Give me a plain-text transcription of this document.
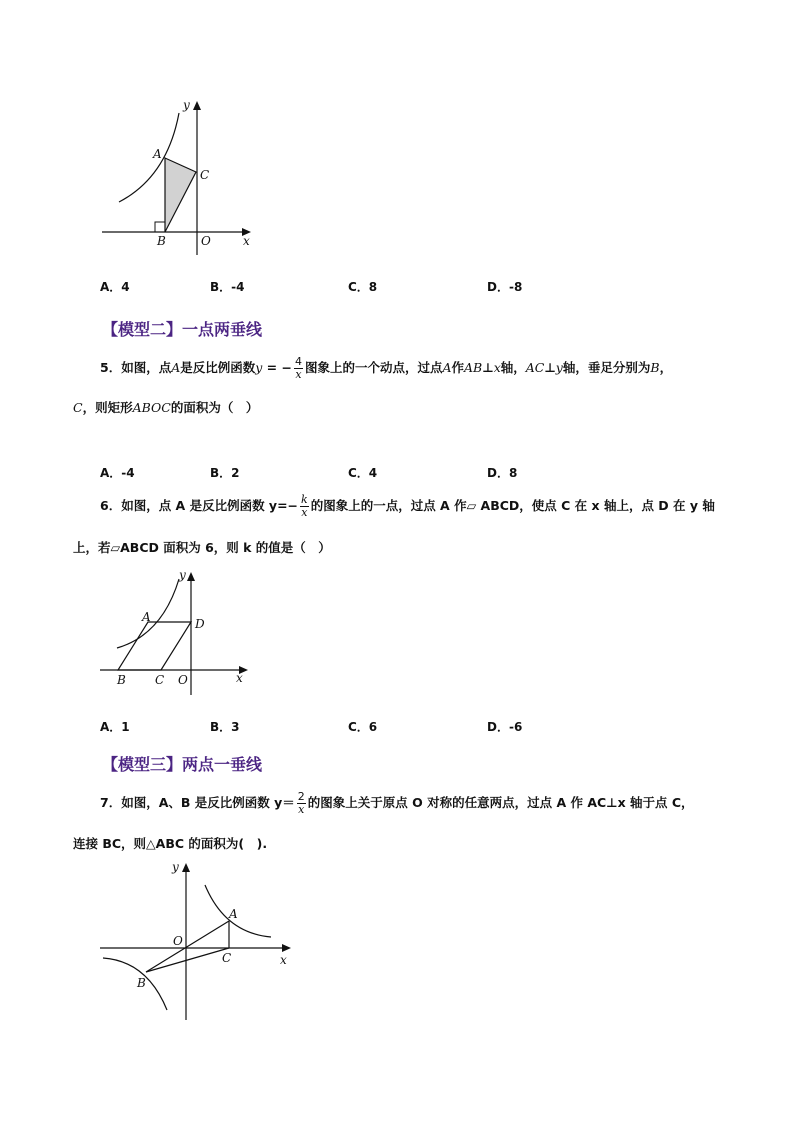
y
A
C
B	O	x
A．4	B．-4	C．8	D．-8
【模型二】一点两垂线
5．如图，点A是反比例函数y = − $\frac{4}{x}$ 图象上的一个动点，过点A作AB⊥x轴，AC⊥y轴，垂足分别为B，
C，则矩形ABOC的面积为（　）
A．-4	B．2	C．4	D．8
6．如图，点 A 是反比例函数 $y=- \frac{k}{x}$ 的图象上的一点，过点 A 作▱ ABCD，使点 C 在 x 轴上，点 D 在 y 轴
上，若▱ABCD 面积为 6，则 k 的值是（　）
y
A	D
B C O	x
A．1	B．3	C．6	D．-6
【模型三】两点一垂线
7．如图，A、B 是反比例函数 $y= \frac{2}{x}$ 的图象上关于原点 O 对称的任意两点，过点 A 作 AC⊥x 轴于点 C，
连接 BC，则△ABC 的面积为(　).
y
O
A
C	x
B
